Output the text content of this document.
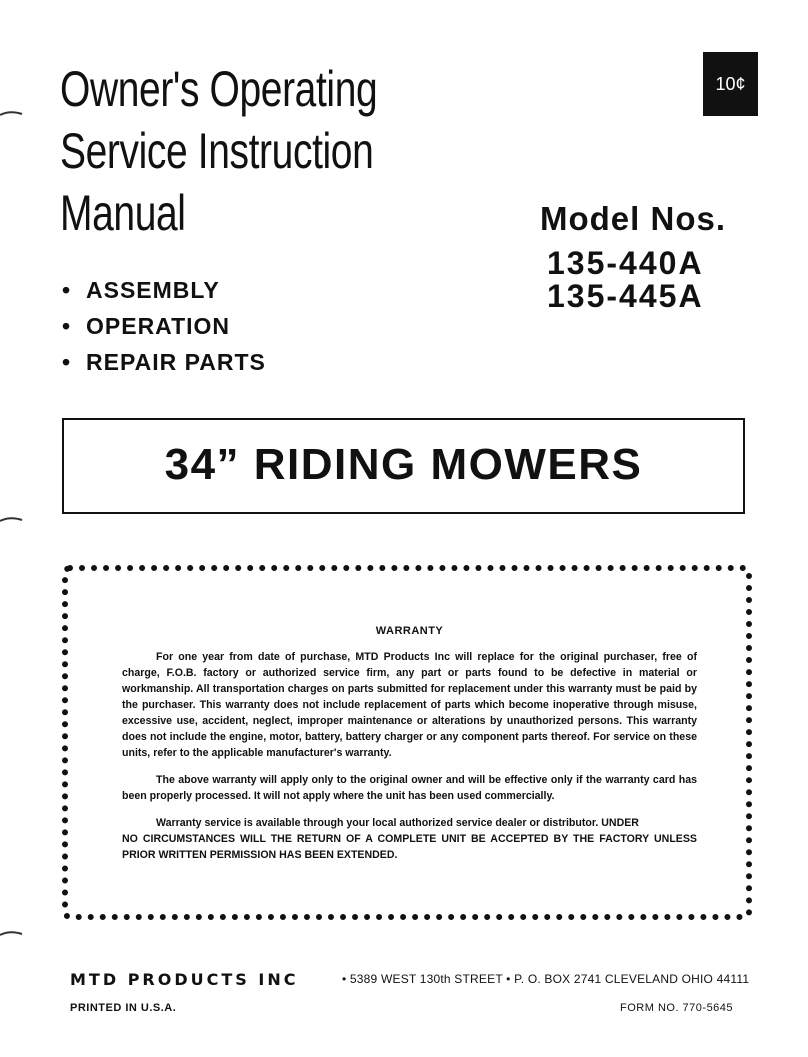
Owner's Operating
Service Instruction
Manual
10¢
Model Nos.
135-440A
135-445A
• ASSEMBLY
• OPERATION
• REPAIR PARTS
34” RIDING MOWERS
WARRANTY

For one year from date of purchase, MTD Products Inc will replace for the original purchaser, free of charge, F.O.B. factory or authorized service firm, any part or parts found to be defective in material or workmanship. All transportation charges on parts submitted for replacement under this warranty must be paid by the purchaser. This warranty does not include replacement of parts which become inoperative through misuse, excessive use, accident, neglect, improper maintenance or alterations by unauthorized persons. This warranty does not include the engine, motor, battery, battery charger or any component parts thereof. For service on these units, refer to the applicable manufacturer's warranty.

The above warranty will apply only to the original owner and will be effective only if the warranty card has been properly processed. It will not apply where the unit has been used commercially.

Warranty service is available through your local authorized service dealer or distributor. UNDER

NO CIRCUMSTANCES WILL THE RETURN OF A COMPLETE UNIT BE ACCEPTED BY THE FACTORY UNLESS PRIOR WRITTEN PERMISSION HAS BEEN EXTENDED.

MTD PRODUCTS INC	• 5389 WEST 130th STREET • P. O. BOX 2741 CLEVELAND OHIO 44111
PRINTED IN U.S.A.	FORM NO. 770-5645
